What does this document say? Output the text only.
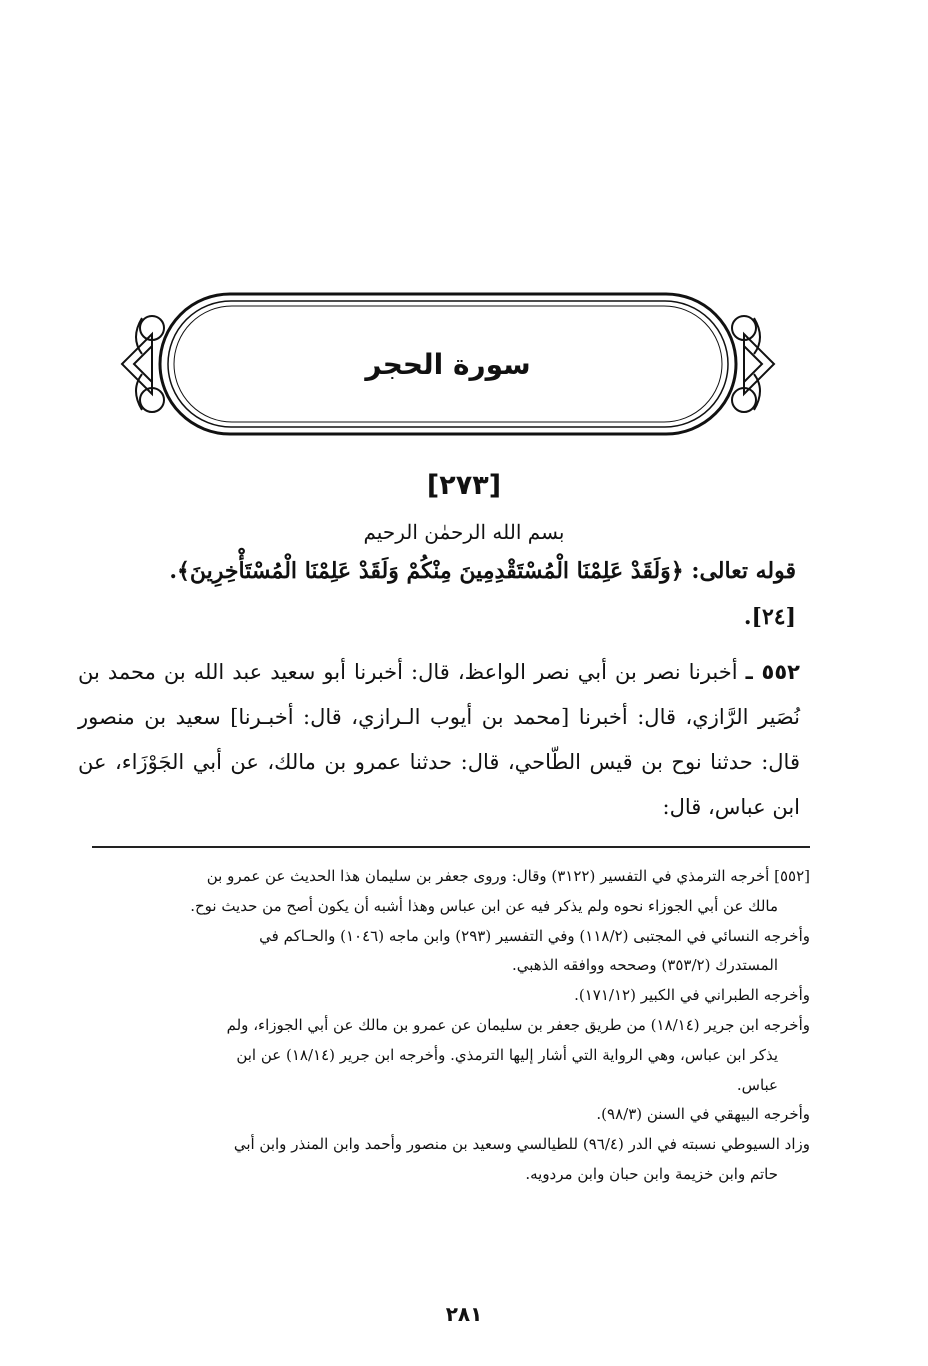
سورة الحجر
[٢٧٣]
بسم الله الرحمٰن الرحيم
قوله تعالى: ﴿وَلَقَدْ عَلِمْنَا الْمُسْتَقْدِمِينَ مِنْكُمْ وَلَقَدْ عَلِمْنَا الْمُسْتَأْخِرِينَ﴾.
[٢٤].
٥٥٢ ـ أخبرنا نصر بن أبي نصر الواعظ، قال: أخبرنا أبو سعيد عبد الله بن محمد بن نُصَير الرَّازي، قال: أخبرنا [محمد بن أيوب الـرازي، قال: أخبـرنا] سعيد بن منصور قال: حدثنا نوح بن قيس الطّاحي، قال: حدثنا عمرو بن مالك، عن أبي الجَوْزَاء، عن ابن عباس، قال:
[٥٥٢] أخرجه الترمذي في التفسير (٣١٢٢) وقال: وروى جعفر بن سليمان هذا الحديث عن عمرو بن
مالك عن أبي الجوزاء نحوه ولم يذكر فيه عن ابن عباس وهذا أشبه أن يكون أصح من حديث نوح.
وأخرجه النسائي في المجتبى (١١٨/٢) وفي التفسير (٢٩٣) وابن ماجه (١٠٤٦) والحـاكم في
المستدرك (٣٥٣/٢) وصححه ووافقه الذهبي.
وأخرجه الطبراني في الكبير (١٧١/١٢).
وأخرجه ابن جرير (١٨/١٤) من طريق جعفر بن سليمان عن عمرو بن مالك عن أبي الجوزاء، ولم
يذكر ابن عباس، وهي الرواية التي أشار إليها الترمذي. وأخرجه ابن جرير (١٨/١٤) عن ابن
عباس.
وأخرجه البيهقي في السنن (٩٨/٣).
وزاد السيوطي نسبته في الدر (٩٦/٤) للطيالسي وسعيد بن منصور وأحمد وابن المنذر وابن أبي
حاتم وابن خزيمة وابن حبان وابن مردويه.
٢٨١
